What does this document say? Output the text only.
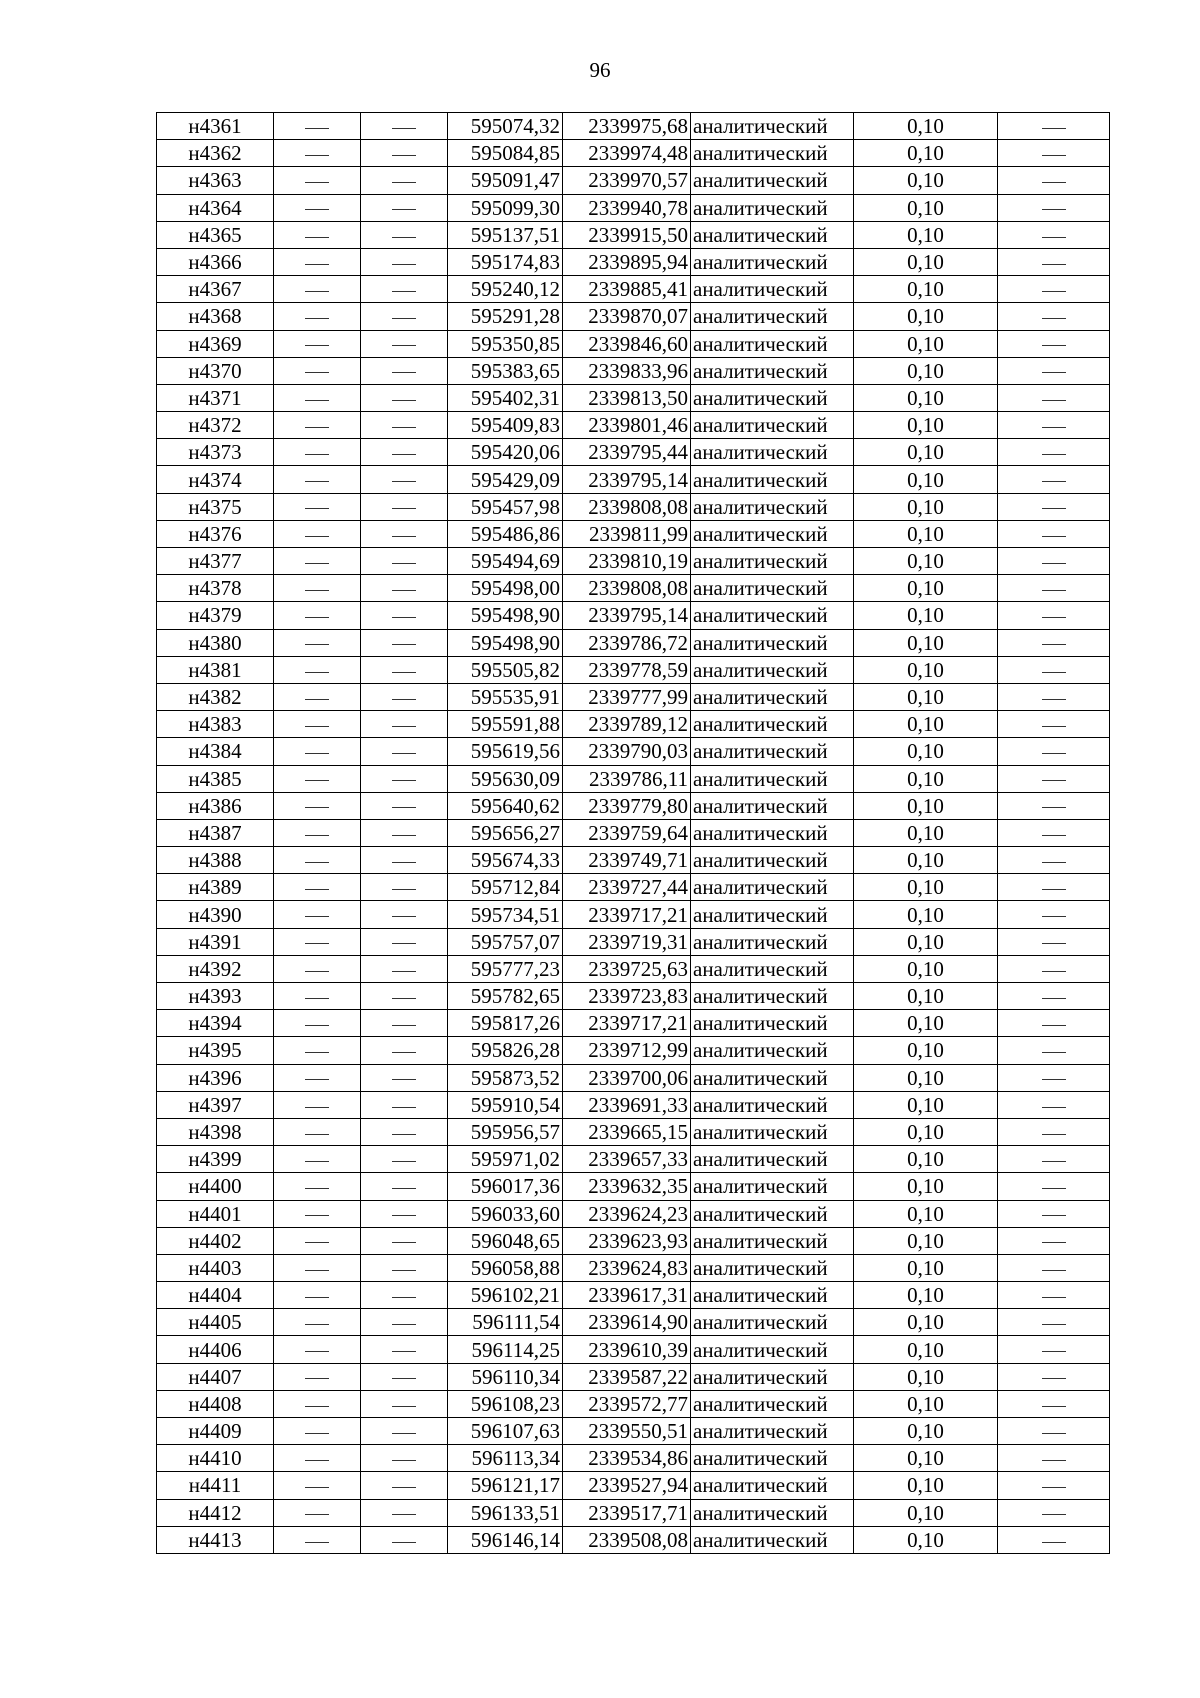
96
н4361			595074,32	2339975,68	аналитический	0,10	
н4362			595084,85	2339974,48	аналитический	0,10	
н4363			595091,47	2339970,57	аналитический	0,10	
н4364			595099,30	2339940,78	аналитический	0,10	
н4365			595137,51	2339915,50	аналитический	0,10	
н4366			595174,83	2339895,94	аналитический	0,10	
н4367			595240,12	2339885,41	аналитический	0,10	
н4368			595291,28	2339870,07	аналитический	0,10	
н4369			595350,85	2339846,60	аналитический	0,10	
н4370			595383,65	2339833,96	аналитический	0,10	
н4371			595402,31	2339813,50	аналитический	0,10	
н4372			595409,83	2339801,46	аналитический	0,10	
н4373			595420,06	2339795,44	аналитический	0,10	
н4374			595429,09	2339795,14	аналитический	0,10	
н4375			595457,98	2339808,08	аналитический	0,10	
н4376			595486,86	2339811,99	аналитический	0,10	
н4377			595494,69	2339810,19	аналитический	0,10	
н4378			595498,00	2339808,08	аналитический	0,10	
н4379			595498,90	2339795,14	аналитический	0,10	
н4380			595498,90	2339786,72	аналитический	0,10	
н4381			595505,82	2339778,59	аналитический	0,10	
н4382			595535,91	2339777,99	аналитический	0,10	
н4383			595591,88	2339789,12	аналитический	0,10	
н4384			595619,56	2339790,03	аналитический	0,10	
н4385			595630,09	2339786,11	аналитический	0,10	
н4386			595640,62	2339779,80	аналитический	0,10	
н4387			595656,27	2339759,64	аналитический	0,10	
н4388			595674,33	2339749,71	аналитический	0,10	
н4389			595712,84	2339727,44	аналитический	0,10	
н4390			595734,51	2339717,21	аналитический	0,10	
н4391			595757,07	2339719,31	аналитический	0,10	
н4392			595777,23	2339725,63	аналитический	0,10	
н4393			595782,65	2339723,83	аналитический	0,10	
н4394			595817,26	2339717,21	аналитический	0,10	
н4395			595826,28	2339712,99	аналитический	0,10	
н4396			595873,52	2339700,06	аналитический	0,10	
н4397			595910,54	2339691,33	аналитический	0,10	
н4398			595956,57	2339665,15	аналитический	0,10	
н4399			595971,02	2339657,33	аналитический	0,10	
н4400			596017,36	2339632,35	аналитический	0,10	
н4401			596033,60	2339624,23	аналитический	0,10	
н4402			596048,65	2339623,93	аналитический	0,10	
н4403			596058,88	2339624,83	аналитический	0,10	
н4404			596102,21	2339617,31	аналитический	0,10	
н4405			596111,54	2339614,90	аналитический	0,10	
н4406			596114,25	2339610,39	аналитический	0,10	
н4407			596110,34	2339587,22	аналитический	0,10	
н4408			596108,23	2339572,77	аналитический	0,10	
н4409			596107,63	2339550,51	аналитический	0,10	
н4410			596113,34	2339534,86	аналитический	0,10	
н4411			596121,17	2339527,94	аналитический	0,10	
н4412			596133,51	2339517,71	аналитический	0,10	
н4413			596146,14	2339508,08	аналитический	0,10	
